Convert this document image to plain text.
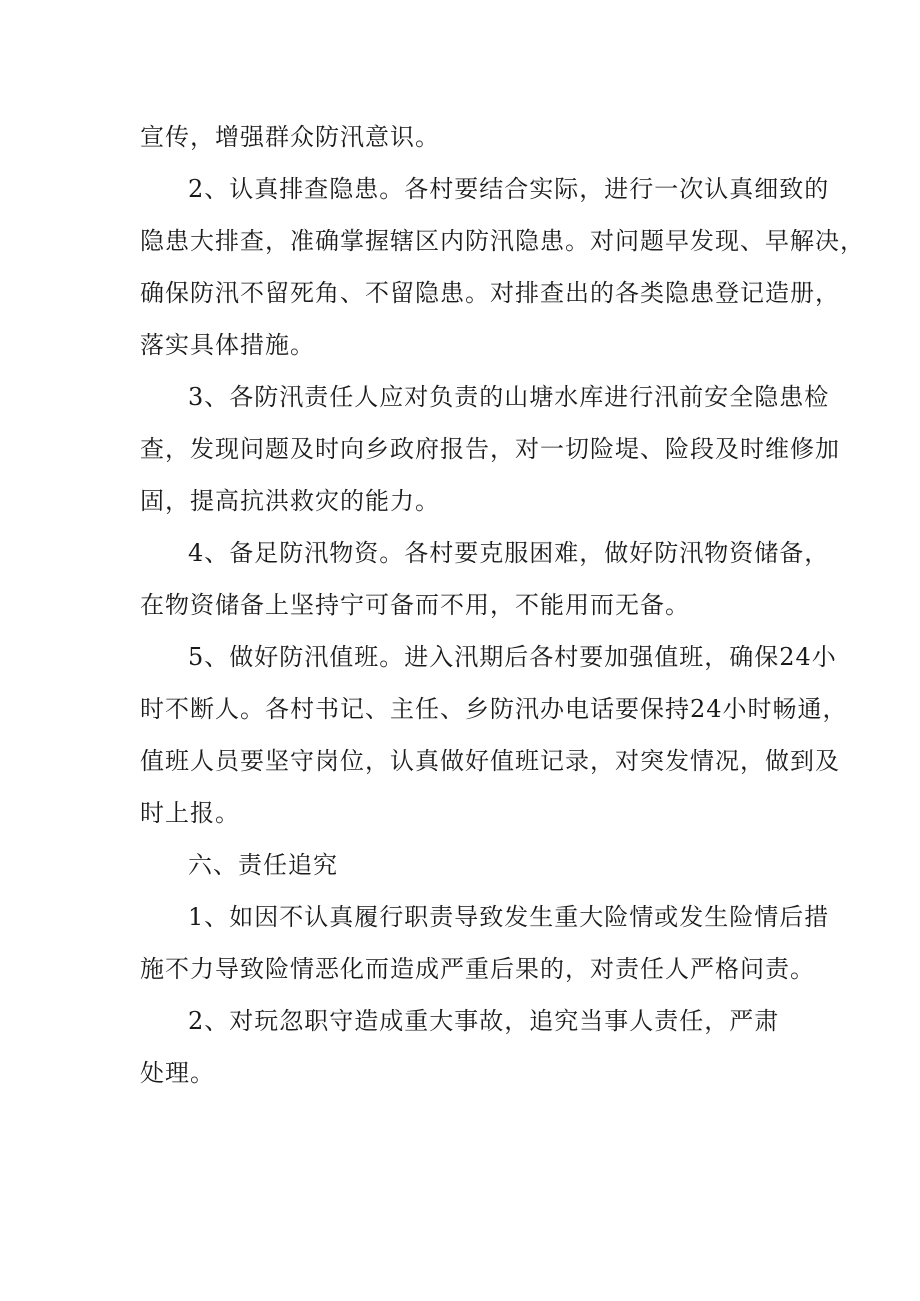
宣传，增强群众防汛意识。
2、认真排查隐患。各村要结合实际，进行一次认真细致的
隐患大排查，准确掌握辖区内防汛隐患。对问题早发现、早解决，
确保防汛不留死角、不留隐患。对排查出的各类隐患登记造册，
落实具体措施。
3、各防汛责任人应对负责的山塘水库进行汛前安全隐患检
查，发现问题及时向乡政府报告，对一切险堤、险段及时维修加
固，提高抗洪救灾的能力。
4、备足防汛物资。各村要克服困难，做好防汛物资储备，
在物资储备上坚持宁可备而不用，不能用而无备。
5、做好防汛值班。进入汛期后各村要加强值班，确保24小
时不断人。各村书记、主任、乡防汛办电话要保持24小时畅通，
值班人员要坚守岗位，认真做好值班记录，对突发情况，做到及
时上报。
六、责任追究
1、如因不认真履行职责导致发生重大险情或发生险情后措
施不力导致险情恶化而造成严重后果的，对责任人严格问责。
2、对玩忽职守造成重大事故，追究当事人责任，严肃
处理。
